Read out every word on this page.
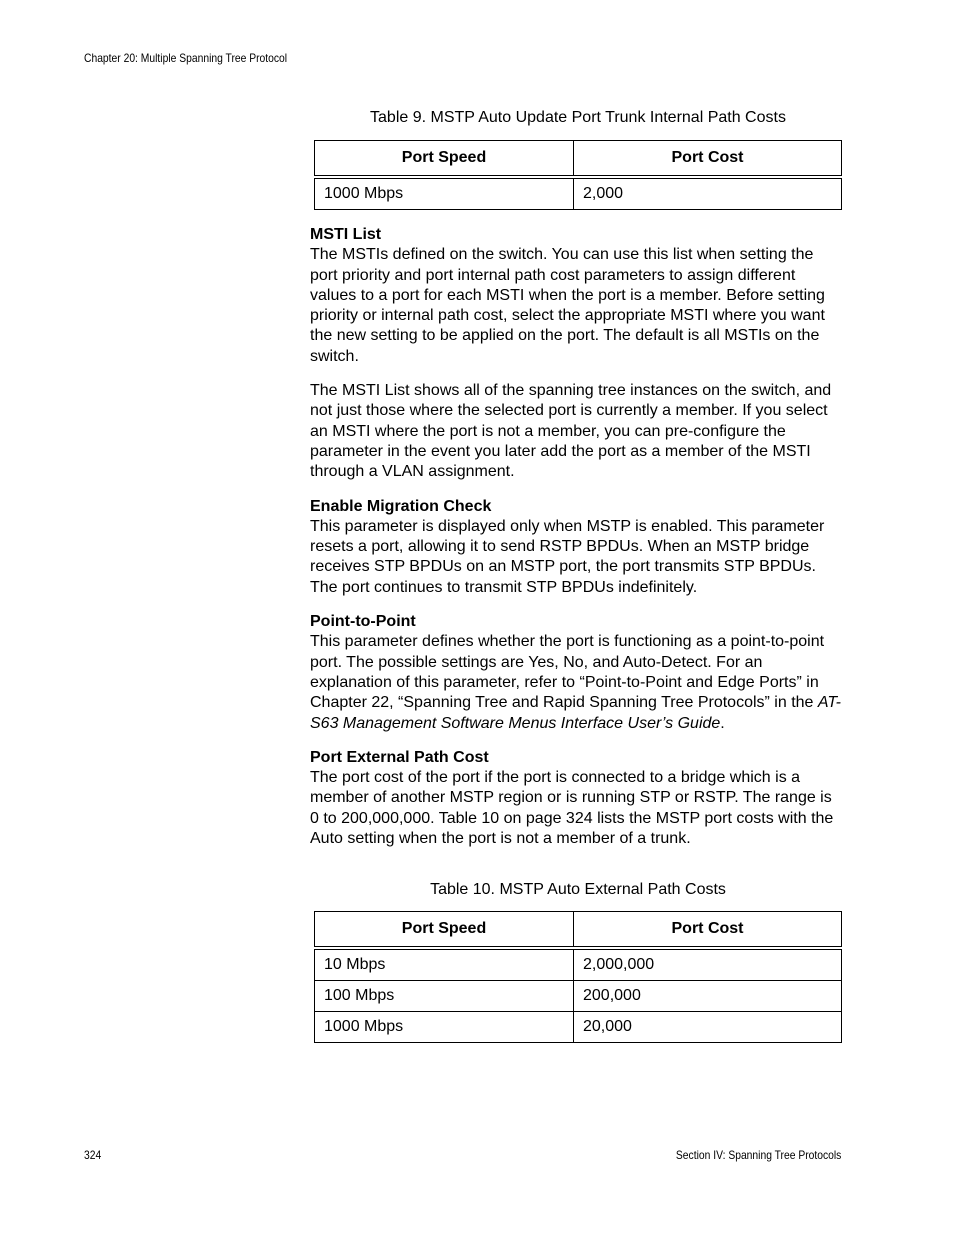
Chapter 20: Multiple Spanning Tree Protocol
Table 9. MSTP Auto Update Port Trunk Internal Path Costs
Port Speed	Port Cost
1000 Mbps	2,000

MSTI List
The MSTIs defined on the switch. You can use this list when setting the port priority and port internal path cost parameters to assign different values to a port for each MSTI when the port is a member. Before setting priority or internal path cost, select the appropriate MSTI where you want the new setting to be applied on the port. The default is all MSTIs on the switch.

The MSTI List shows all of the spanning tree instances on the switch, and not just those where the selected port is currently a member. If you select an MSTI where the port is not a member, you can pre-configure the parameter in the event you later add the port as a member of the MSTI through a VLAN assignment.

Enable Migration Check
This parameter is displayed only when MSTP is enabled. This parameter resets a port, allowing it to send RSTP BPDUs. When an MSTP bridge receives STP BPDUs on an MSTP port, the port transmits STP BPDUs. The port continues to transmit STP BPDUs indefinitely.

Point-to-Point
This parameter defines whether the port is functioning as a point-to-point port. The possible settings are Yes, No, and Auto-Detect. For an explanation of this parameter, refer to “Point-to-Point and Edge Ports” in Chapter 22, “Spanning Tree and Rapid Spanning Tree Protocols” in the AT-S63 Management Software Menus Interface User’s Guide.

Port External Path Cost
The port cost of the port if the port is connected to a bridge which is a member of another MSTP region or is running STP or RSTP. The range is 0 to 200,000,000. Table 10 on page 324 lists the MSTP port costs with the Auto setting when the port is not a member of a trunk.

Table 10. MSTP Auto External Path Costs
Port Speed	Port Cost
10 Mbps	2,000,000
100 Mbps	200,000
1000 Mbps	20,000
324	Section IV: Spanning Tree Protocols
